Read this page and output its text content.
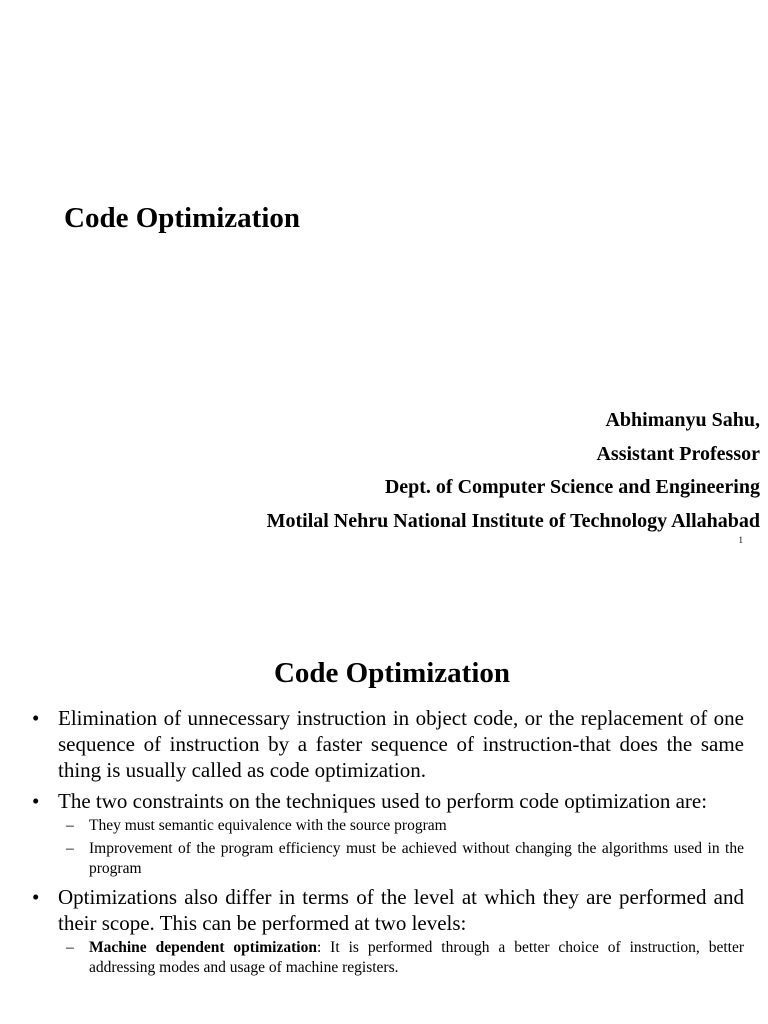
Code Optimization
Abhimanyu Sahu,
Assistant Professor
Dept. of Computer Science and Engineering
Motilal Nehru National Institute of Technology Allahabad
1
Code Optimization
• Elimination of unnecessary instruction in object code, or the replacement of one sequence of instruction by a faster sequence of instruction-that does the same thing is usually called as code optimization.
• The two constraints on the techniques used to perform code optimization are:
– They must semantic equivalence with the source program
– Improvement of the program efficiency must be achieved without changing the algorithms used in the program
• Optimizations also differ in terms of the level at which they are performed and their scope. This can be performed at two levels:
– Machine dependent optimization: It is performed through a better choice of instruction, better addressing modes and usage of machine registers.
